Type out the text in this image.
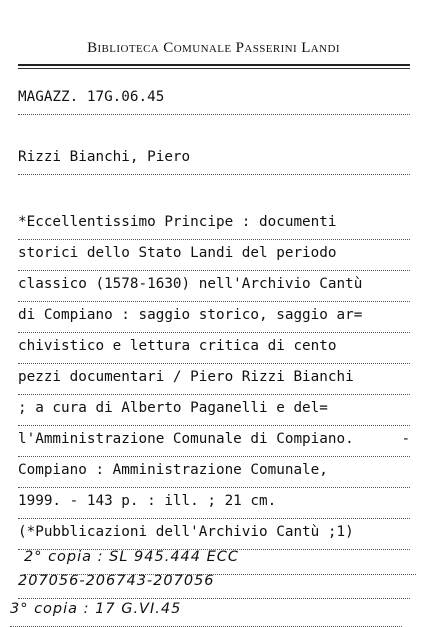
Biblioteca Comunale Passerini Landi
MAGAZZ. 17G.06.45
Rizzi Bianchi, Piero
*Eccellentissimo Principe : documenti
storici dello Stato Landi del periodo
classico (1578-1630) nell'Archivio Cantù
di Compiano : saggio storico, saggio ar=
chivistico e lettura critica di cento
pezzi documentari / Piero Rizzi Bianchi
; a cura di Alberto Paganelli e del=
l'Amministrazione Comunale di Compiano.	-
Compiano : Amministrazione Comunale,
1999. - 143 p. : ill. ; 21 cm.
(*Pubblicazioni dell'Archivio Cantù ;1)
2° copia : SL 945.444 ECC
207056-206743-207056
3° copia : 17 G.VI.45
